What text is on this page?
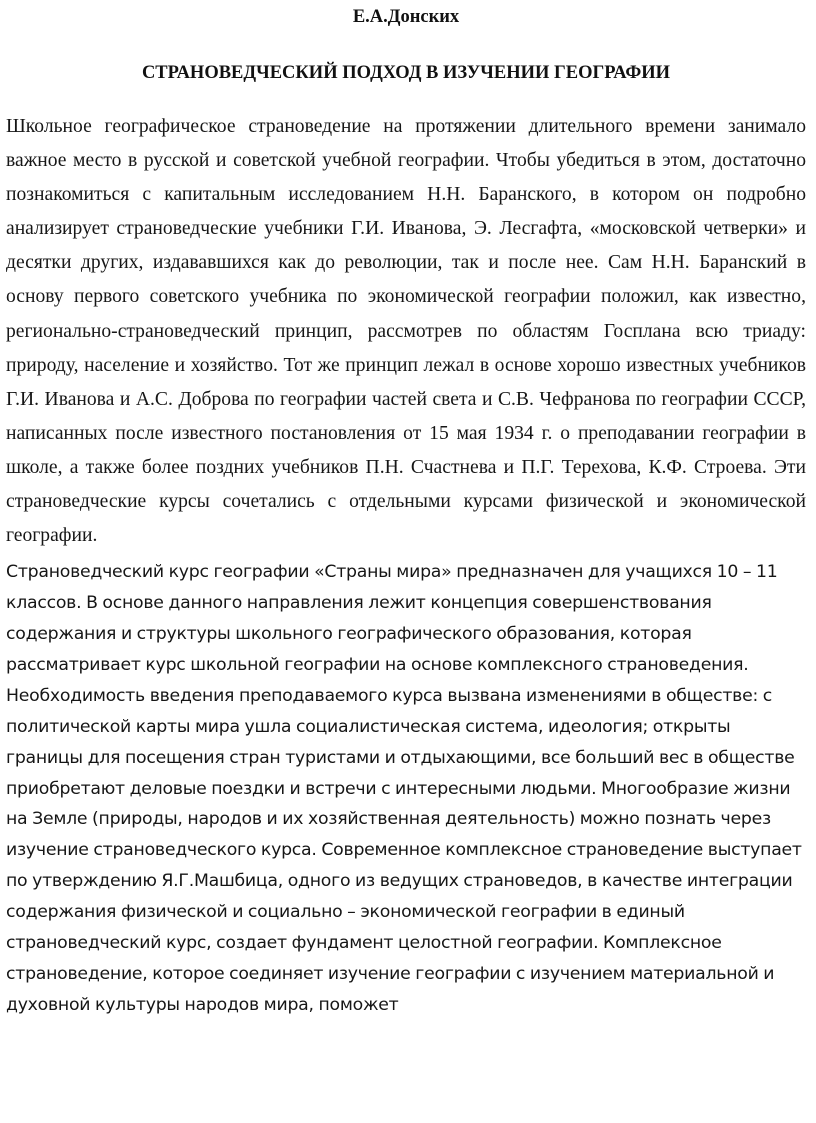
Е.А.Донских
СТРАНОВЕДЧЕСКИЙ ПОДХОД В ИЗУЧЕНИИ ГЕОГРАФИИ

Школьное географическое страноведение на протяжении длительного времени занимало важное место в русской и советской учебной географии. Чтобы убедиться в этом, достаточно познакомиться с капитальным исследованием Н.Н. Баранского, в котором он подробно анализирует страноведческие учебники Г.И. Иванова, Э. Лесгафта, «московской четверки» и десятки других, издававшихся как до революции, так и после нее. Сам Н.Н. Баранский в основу первого советского учебника по экономической географии положил, как известно, регионально-страноведческий принцип, рассмотрев по областям Госплана всю триаду: природу, население и хозяйство. Тот же принцип лежал в основе хорошо известных учебников Г.И. Иванова и А.С. Доброва по географии частей света и С.В. Чефранова по географии СССР, написанных после известного постановления от 15 мая 1934 г. о преподавании географии в школе, а также более поздних учебников П.Н. Счастнева и П.Г. Терехова, К.Ф. Строева. Эти страноведческие курсы сочетались с отдельными курсами физической и экономической географии.

Страноведческий курс географии «Страны мира» предназначен для учащихся 10 – 11 классов. В основе данного направления лежит концепция совершенствования содержания и структуры школьного географического образования, которая рассматривает курс школьной географии на основе комплексного страноведения. Необходимость введения преподаваемого курса вызвана изменениями в обществе: с политической карты мира ушла социалистическая система, идеология; открыты границы для посещения стран туристами и отдыхающими, все больший вес в обществе приобретают деловые поездки и встречи с интересными людьми. Многообразие жизни на Земле (природы, народов и их хозяйственная деятельность) можно познать через изучение страноведческого курса. Современное комплексное страноведение выступает по утверждению Я.Г.Машбица, одного из ведущих страноведов, в качестве интеграции содержания физической и социально – экономической географии в единый страноведческий курс, создает фундамент целостной географии. Комплексное страноведение, которое соединяет изучение географии с изучением материальной и духовной культуры народов мира, поможет
